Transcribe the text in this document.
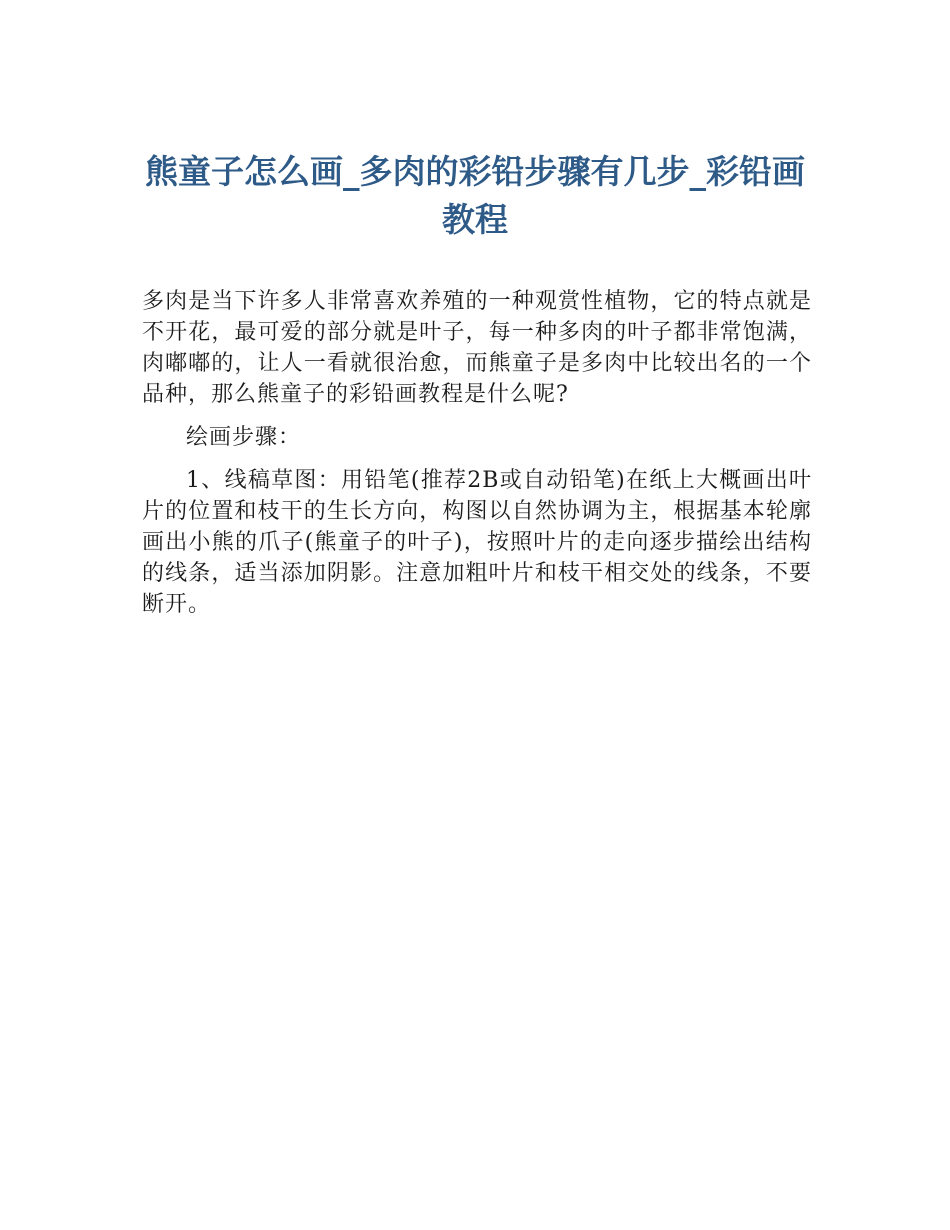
熊童子怎么画_多肉的彩铅步骤有几步_彩铅画教程

多肉是当下许多人非常喜欢养殖的一种观赏性植物，它的特点就是不开花，最可爱的部分就是叶子，每一种多肉的叶子都非常饱满，肉嘟嘟的，让人一看就很治愈，而熊童子是多肉中比较出名的一个品种，那么熊童子的彩铅画教程是什么呢?

绘画步骤：

1、线稿草图：用铅笔(推荐2B或自动铅笔)在纸上大概画出叶片的位置和枝干的生长方向，构图以自然协调为主，根据基本轮廓画出小熊的爪子(熊童子的叶子)，按照叶片的走向逐步描绘出结构的线条，适当添加阴影。注意加粗叶片和枝干相交处的线条，不要断开。
